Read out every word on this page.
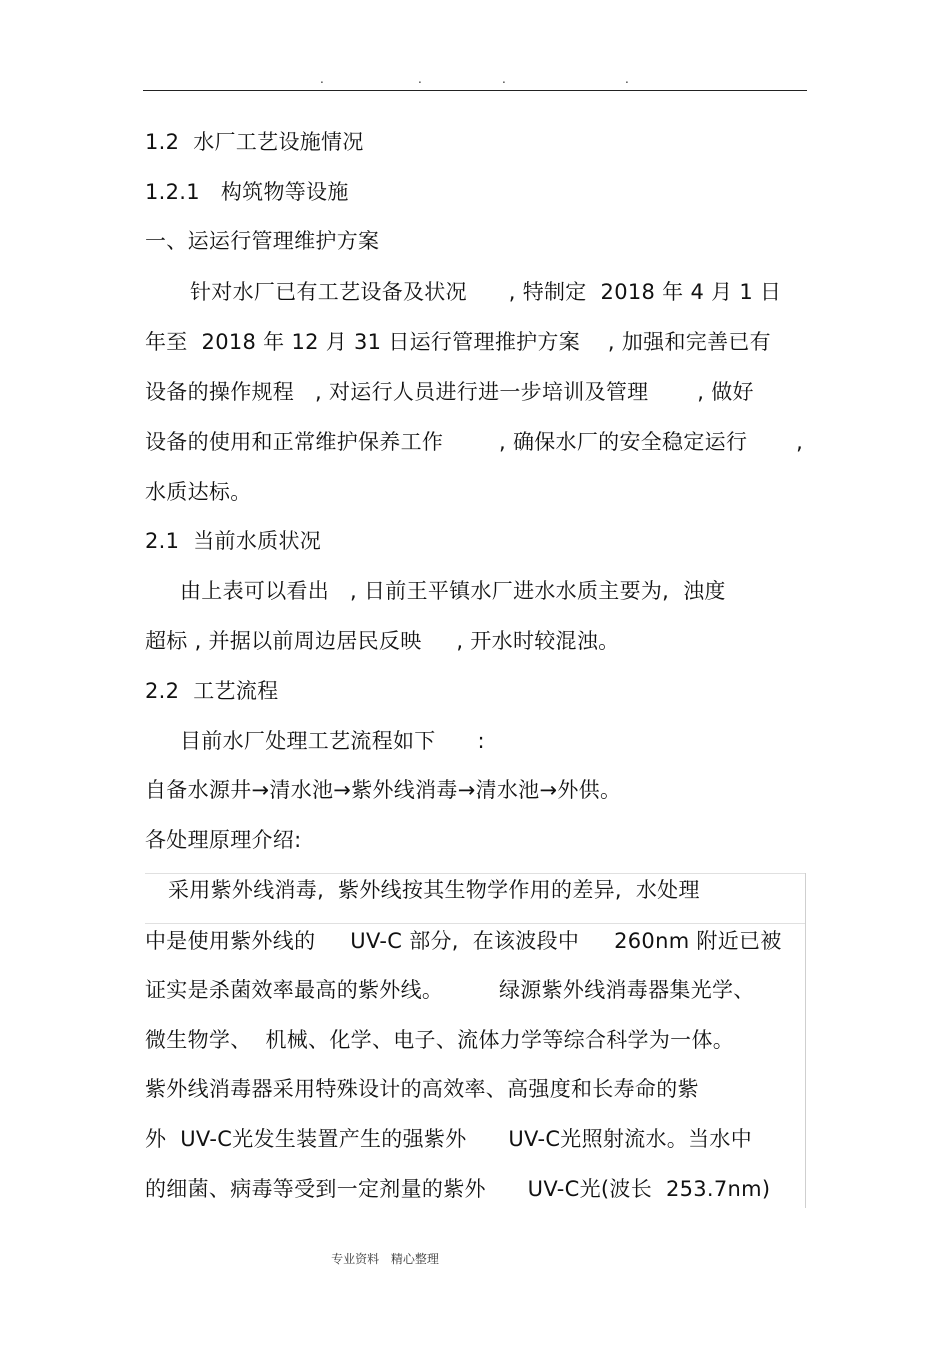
.	.	.	.
1.2  水厂工艺设施情况
1.2.1   构筑物等设施
一、运运行管理维护方案
针对水厂已有工艺设备及状况      , 特制定  2018 年 4 月 1 日
年至  2018 年 12 月 31 日运行管理推护方案    , 加强和完善已有
设备的操作规程   , 对运行人员进行进一步培训及管理       , 做好
设备的使用和正常维护保养工作        , 确保水厂的安全稳定运行       ,
水质达标。
2.1  当前水质状况
由上表可以看出   , 日前王平镇水厂进水水质主要为,  浊度
超标 , 并据以前周边居民反映     , 开水时较混浊。
2.2  工艺流程
目前水厂处理工艺流程如下      :
自备水源井→清水池→紫外线消毒→清水池→外供。
各处理原理介绍:
采用紫外线消毒,  紫外线按其生物学作用的差异,  水处理
中是使用紫外线的     UV-C 部分,  在该波段中     260nm 附近已被
证实是杀菌效率最高的紫外线。        绿源紫外线消毒器集光学、
微生物学、  机械、化学、电子、流体力学等综合科学为一体。
紫外线消毒器采用特殊设计的高效率、高强度和长寿命的紫
外  UV-C光发生装置产生的强紫外      UV-C光照射流水。当水中
的细菌、病毒等受到一定剂量的紫外      UV-C光(波长  253.7nm)
专业资料 精心整理
